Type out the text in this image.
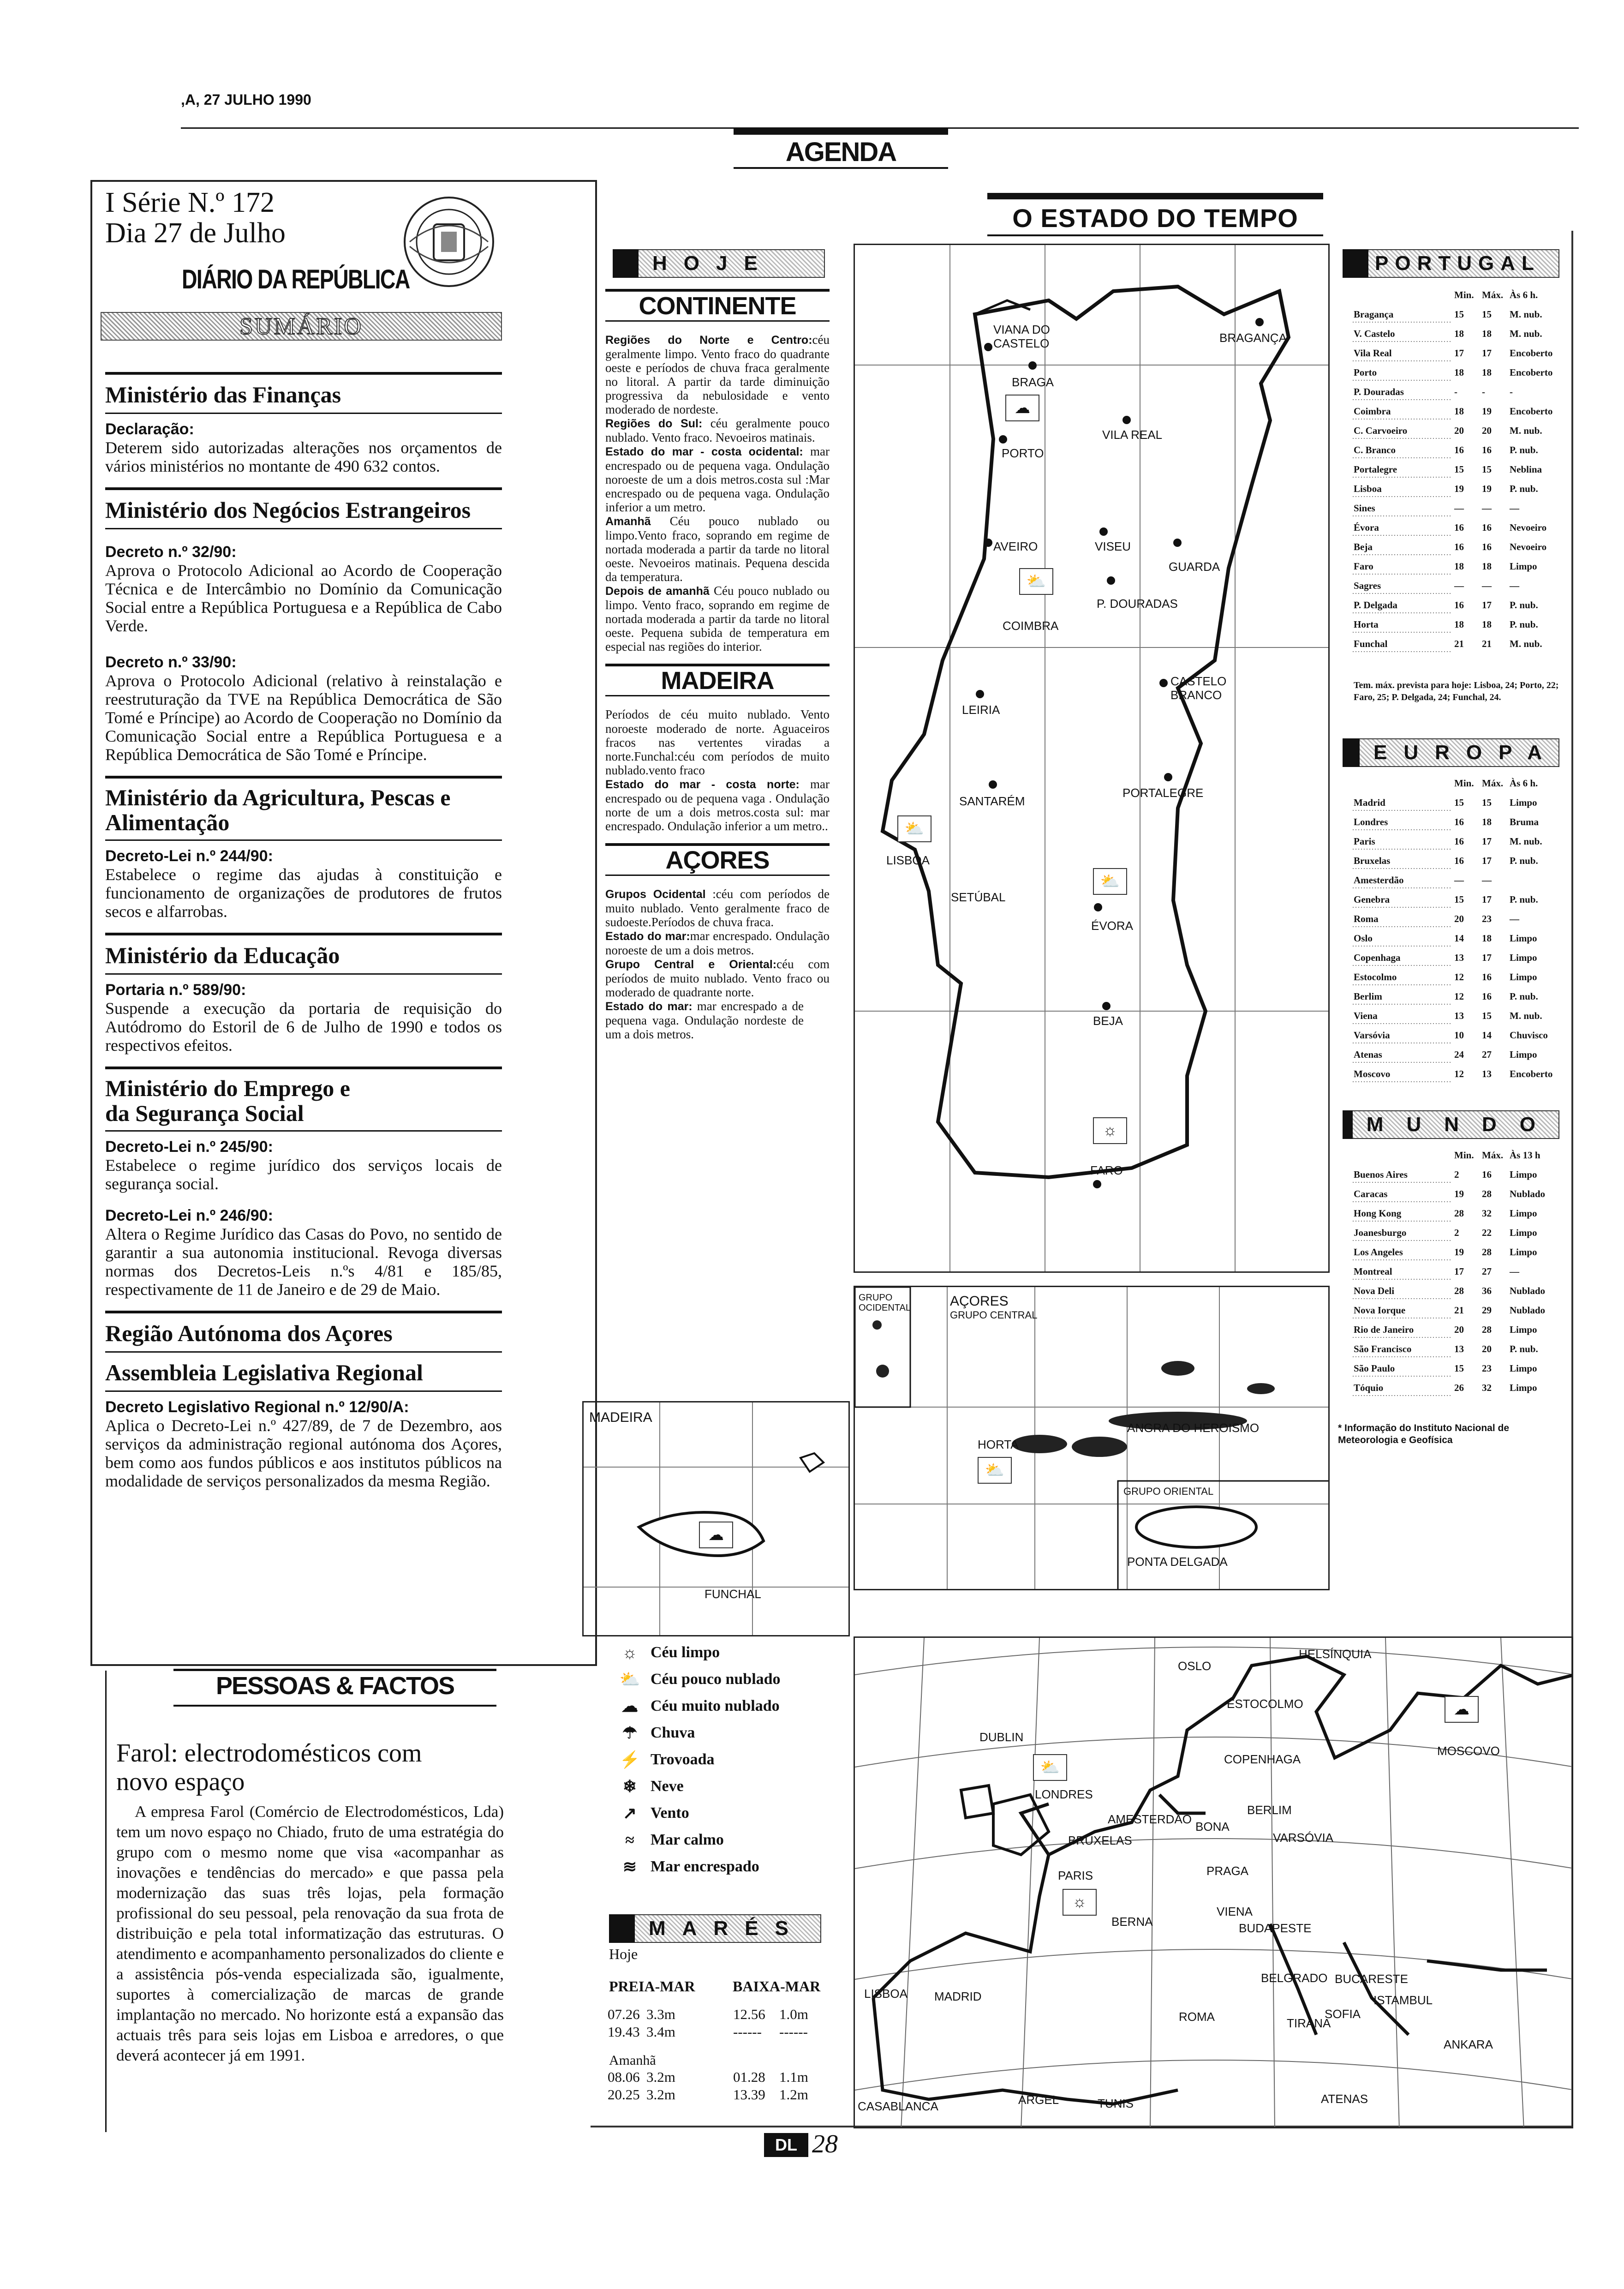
,A, 27 JULHO 1990
AGENDA
I Série N.º 172
Dia 27 de Julho
DIÁRIO DA REPÚBLICA
SUMÁRIO
Ministério das Finanças
Declaração:
Deterem sido autorizadas alterações nos orçamentos de vários ministérios no montante de 490 632 contos.
Ministério dos Negócios Estrangeiros
Decreto n.º 32/90:
Aprova o Protocolo Adicional ao Acordo de Cooperação Técnica e de Intercâmbio no Domínio da Comunicação Social entre a República Portuguesa e a República de Cabo Verde.
Decreto n.º 33/90:
Aprova o Protocolo Adicional (relativo à reinstalação e reestruturação da TVE na República Democrática de São Tomé e Príncipe) ao Acordo de Cooperação no Domínio da Comunicação Social entre a República Portuguesa e a República Democrática de São Tomé e Príncipe.
Ministério da Agricultura, Pescas e Alimentação
Decreto-Lei n.º 244/90:
Estabelece o regime das ajudas à constituição e funcionamento de organizações de produtores de frutos secos e alfarrobas.
Ministério da Educação
Portaria n.º 589/90:
Suspende a execução da portaria de requisição do Autódromo do Estoril de 6 de Julho de 1990 e todos os respectivos efeitos.
Ministério do Emprego e da Segurança Social
Decreto-Lei n.º 245/90:
Estabelece o regime jurídico dos serviços locais de segurança social.
Decreto-Lei n.º 246/90:
Altera o Regime Jurídico das Casas do Povo, no sentido de garantir a sua autonomia institucional. Revoga diversas normas dos Decretos-Leis n.ºs 4/81 e 185/85, respectivamente de 11 de Janeiro e de 29 de Maio.
Região Autónoma dos Açores
Assembleia Legislativa Regional
Decreto Legislativo Regional n.º 12/90/A:
Aplica o Decreto-Lei n.º 427/89, de 7 de Dezembro, aos serviços da administração regional autónoma dos Açores, bem como aos fundos públicos e aos institutos públicos na modalidade de serviços personalizados da mesma Região.
PESSOAS & FACTOS
Farol: electrodomésticos com novo espaço
A empresa Farol (Comércio de Electrodomésticos, Lda) tem um novo espaço no Chiado, fruto de uma estratégia do grupo com o mesmo nome que visa «acompanhar as inovações e tendências do mercado» e que passa pela modernização das suas três lojas, pela formação profissional do seu pessoal, pela renovação da sua frota de distribuição e pela total informatização das estruturas. O atendimento e acompanhamento personalizados do cliente e a assistência pós-venda especializada são, igualmente, suportes à comercialização de marcas de grande implantação no mercado. No horizonte está a expansão das actuais três para seis lojas em Lisboa e arredores, o que deverá acontecer já em 1991.
O ESTADO DO TEMPO
HOJE
CONTINENTE

Regiões do Norte e Centro:céu geralmente limpo. Vento fraco do quadrante oeste e períodos de chuva fraca geralmente no litoral. A partir da tarde diminuição progressiva da nebulosidade e vento moderado de nordeste.

Regiões do Sul: céu geralmente pouco nublado. Vento fraco. Nevoeiros matinais.

Estado do mar - costa ocidental: mar encrespado ou de pequena vaga. Ondulação noroeste de um a dois metros.costa sul :Mar encrespado ou de pequena vaga. Ondulação inferior a um metro.

Amanhã Céu pouco nublado ou limpo.Vento fraco, soprando em regime de nortada moderada a partir da tarde no litoral oeste. Nevoeiros matinais. Pequena descida da temperatura.

Depois de amanhã Céu pouco nublado ou limpo. Vento fraco, soprando em regime de nortada moderada a partir da tarde no litoral oeste. Pequena subida de temperatura em especial nas regiões do interior.

MADEIRA

Períodos de céu muito nublado. Vento noroeste moderado de norte. Aguaceiros fracos nas vertentes viradas a norte.Funchal:céu com períodos de muito nublado.vento fraco

Estado do mar - costa norte: mar encrespado ou de pequena vaga . Ondulação norte de um a dois metros.costa sul: mar encrespado. Ondulação inferior a um metro..

AÇORES

Grupos Ocidental :céu com períodos de muito nublado. Vento geralmente fraco de sudoeste.Períodos de chuva fraca.

Estado do mar:mar encrespado. Ondulação noroeste de um a dois metros.

Grupo Central e Oriental:céu com períodos de muito nublado. Vento fraco ou moderado de quadrante norte.

Estado do mar: mar encrespado a de pequena vaga. Ondulação nordeste de um a dois metros.

VIANA DO CASTELO
BRAGA
BRAGANÇA
☁
PORTO
VILA REAL
AVEIRO	VISEU
GUARDA
P. DOURADAS
⛅
COIMBRA
CASTELO BRANCO
LEIRIA
SANTARÉM
PORTALEGRE
⛅
LISBOA
SETÚBAL
⛅
ÉVORA
BEJA
☼
FARO
GRUPO OCIDENTAL	AÇORES
GRUPO CENTRAL
HORTA
⛅
ANGRA DO HEROISMO
GRUPO ORIENTAL
PONTA DELGADA
MADEIRA
☁
FUNCHAL
☼ Céu limpo
⛅ Céu pouco nublado
☁ Céu muito nublado
☂ Chuva
⚡ Trovoada
❄ Neve
↗ Vento
≈	Mar calmo
≋ Mar encrespado
MARÉS
Hoje
PREIA-MAR	BAIXA-MAR
07.26	3.3m	12.56	1.0m
19.43	3.4m	------	------
Amanhã
08.06	3.2m	01.28	1.1m
20.25	3.2m	13.39	1.2m
OSLO
HELSÍNQUIA
ESTOCOLMO	☁
MOSCOVO
DUBLIN
⛅	COPENHAGA
LONDRES
BERLIM
AMESTERDÃO
BONA
VARSÓVIA
BRUXELAS
PARIS	PRAGA
☼
VIENA
BERNA	BUDAPESTE
BELGRADO BUCARESTE
LISBOA MADRID	ISTAMBUL
ROMA	SOFIA
TIRANA
ANKARA
ATENAS
ARGEL	TUNIS
CASABLANCA
PORTUGAL
	Min.	Máx.	Às 6 h.
Bragança	15	15	M. nub.
V. Castelo	18	18	M. nub.
Vila Real	17	17	Encoberto
Porto	18	18	Encoberto
P. Douradas	-	-	-
Coimbra	18	19	Encoberto
C. Carvoeiro	20	20	M. nub.
C. Branco	16	16	P. nub.
Portalegre	15	15	Neblina
Lisboa	19	19	P. nub.
Sines	—	—	—
Évora	16	16	Nevoeiro
Beja	16	16	Nevoeiro
Faro	18	18	Limpo
Sagres	—	—	—
P. Delgada	16	17	P. nub.
Horta	18	18	P. nub.
Funchal	21	21	M. nub.
Tem. máx. prevista para hoje: Lisboa, 24; Porto, 22; Faro, 25; P. Delgada, 24; Funchal, 24.
EUROPA
	Min.	Máx.	Às 6 h.
Madrid	15	15	Limpo
Londres	16	18	Bruma
Paris	16	17	M. nub.
Bruxelas	16	17	P. nub.
Amesterdão	—	—	
Genebra	15	17	P. nub.
Roma	20	23	—
Oslo	14	18	Limpo
Copenhaga	13	17	Limpo
Estocolmo	12	16	Limpo
Berlim	12	16	P. nub.
Viena	13	15	M. nub.
Varsóvia	10	14	Chuvisco
Atenas	24	27	Limpo
Moscovo	12	13	Encoberto
MUNDO
	Min.	Máx.	Às 13 h
Buenos Aires	2	16	Limpo
Caracas	19	28	Nublado
Hong Kong	28	32	Limpo
Joanesburgo	2	22	Limpo
Los Angeles	19	28	Limpo
Montreal	17	27	—
Nova Deli	28	36	Nublado
Nova Iorque	21	29	Nublado
Rio de Janeiro	20	28	Limpo
São Francisco	13	20	P. nub.
São Paulo	15	23	Limpo
Tóquio	26	32	Limpo
* Informação do Instituto Nacional de Meteorologia e Geofísica
DL 28
